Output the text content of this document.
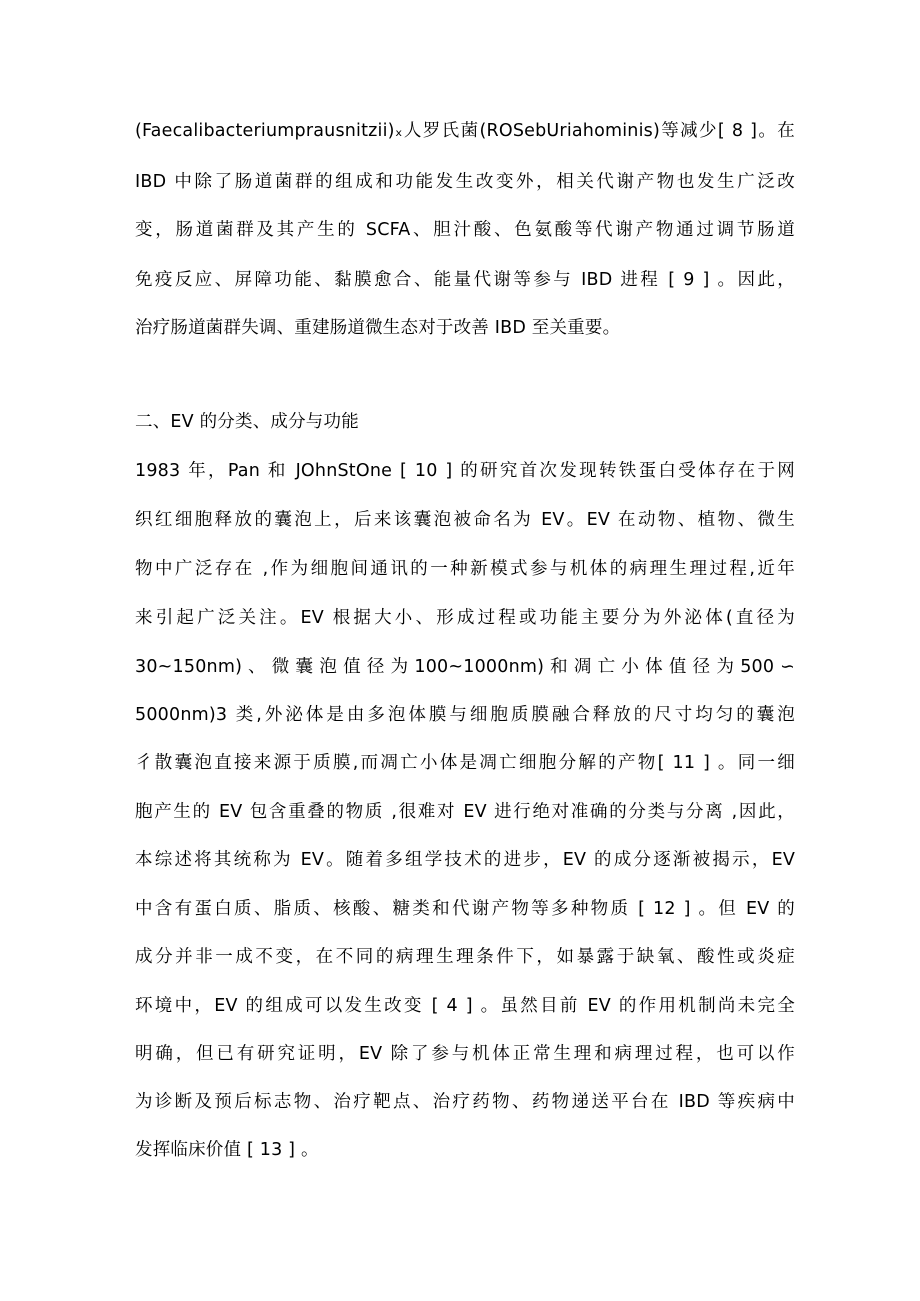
(Faecalibacteriumprausnitzii)ₓ人罗氏菌(ROSebUriahominis)等减少[ 8 ]。在
IBD 中除了肠道菌群的组成和功能发生改变外，相关代谢产物也发生广泛改
变，肠道菌群及其产生的 SCFA、胆汁酸、色氨酸等代谢产物通过调节肠道
免疫反应、屏障功能、黏膜愈合、能量代谢等参与 IBD 进程 [ 9 ] 。因此，
治疗肠道菌群失调、重建肠道微生态对于改善 IBD 至关重要。
二、EV 的分类、成分与功能
1983 年，Pan 和 JOhnStOne [ 10 ] 的研究首次发现转铁蛋白受体存在于网
织红细胞释放的囊泡上，后来该囊泡被命名为 EV。EV 在动物、植物、微生
物中广泛存在 ,作为细胞间通讯的一种新模式参与机体的病理生理过程,近年
来引起广泛关注。EV 根据大小、形成过程或功能主要分为外泌体(直径为
30~150nm) 、 微 囊 泡 值 径 为 100~1000nm) 和 凋 亡 小 体 值 径 为 500 ∽
5000nm)3 类,外泌体是由多泡体膜与细胞质膜融合释放的尺寸均匀的囊泡
彳散囊泡直接来源于质膜,而凋亡小体是凋亡细胞分解的产物[ 11 ] 。同一细
胞产生的 EV 包含重叠的物质 ,很难对 EV 进行绝对准确的分类与分离 ,因此，
本综述将其统称为 EV。随着多组学技术的进步，EV 的成分逐渐被揭示，EV
中含有蛋白质、脂质、核酸、糖类和代谢产物等多种物质 [ 12 ] 。但 EV 的
成分并非一成不变，在不同的病理生理条件下，如暴露于缺氧、酸性或炎症
环境中，EV 的组成可以发生改变 [ 4 ] 。虽然目前 EV 的作用机制尚未完全
明确，但已有研究证明，EV 除了参与机体正常生理和病理过程，也可以作
为诊断及预后标志物、治疗靶点、治疗药物、药物递送平台在 IBD 等疾病中
发挥临床价值 [ 13 ] 。
